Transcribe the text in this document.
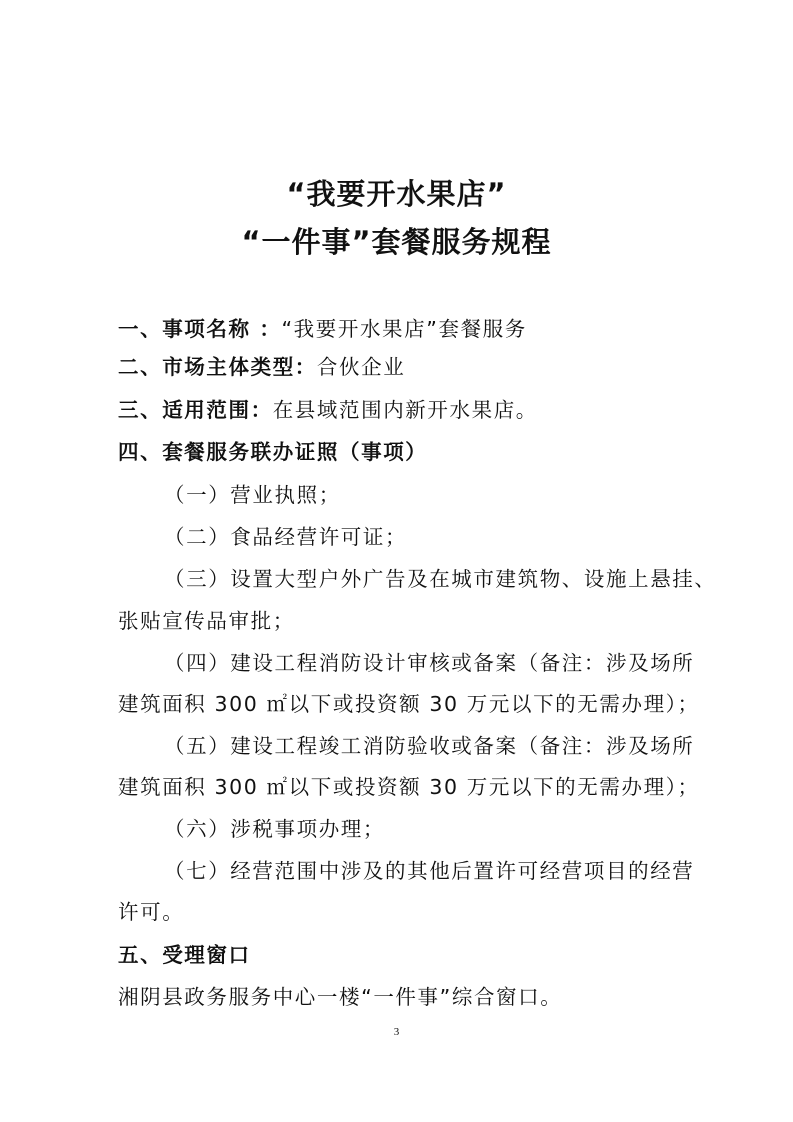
“我要开水果店”
“一件事”套餐服务规程
一、事项名称 ：“我要开水果店”套餐服务
二、市场主体类型：合伙企业
三、适用范围：在县域范围内新开水果店。
四、套餐服务联办证照（事项）
（一）营业执照；
（二）食品经营许可证；
（三）设置大型户外广告及在城市建筑物、设施上悬挂、
张贴宣传品审批；
（四）建设工程消防设计审核或备案（备注：涉及场所
建筑面积 300 ㎡以下或投资额 30 万元以下的无需办理）；
（五）建设工程竣工消防验收或备案（备注：涉及场所
建筑面积 300 ㎡以下或投资额 30 万元以下的无需办理）；
（六）涉税事项办理；
（七）经营范围中涉及的其他后置许可经营项目的经营
许可。
五、受理窗口
湘阴县政务服务中心一楼“一件事”综合窗口。
3
